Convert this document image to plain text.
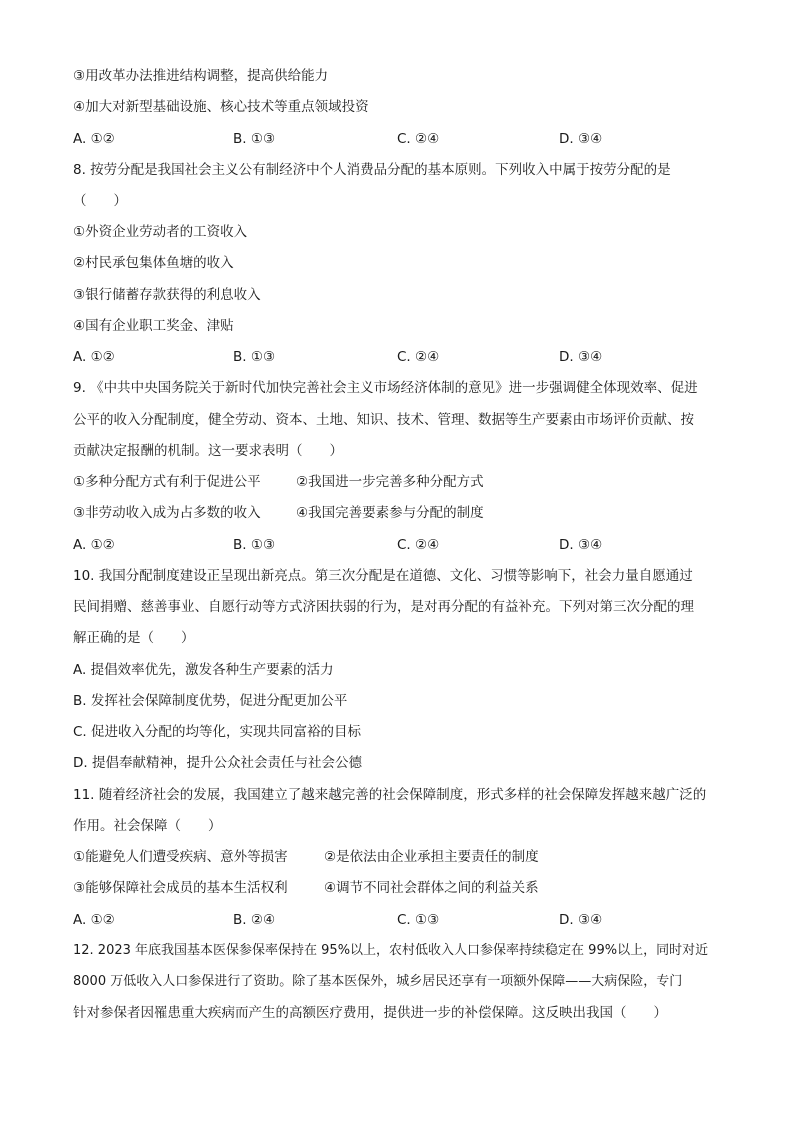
③用改革办法推进结构调整，提高供给能力
④加大对新型基础设施、核心技术等重点领域投资
A. ①②	B. ①③	C. ②④	D. ③④
8. 按劳分配是我国社会主义公有制经济中个人消费品分配的基本原则。下列收入中属于按劳分配的是
（　　）
①外资企业劳动者的工资收入
②村民承包集体鱼塘的收入
③银行储蓄存款获得的利息收入
④国有企业职工奖金、津贴
A. ①②	B. ①③	C. ②④	D. ③④
9. 《中共中央国务院关于新时代加快完善社会主义市场经济体制的意见》进一步强调健全体现效率、促进
公平的收入分配制度，健全劳动、资本、土地、知识、技术、管理、数据等生产要素由市场评价贡献、按
贡献决定报酬的机制。这一要求表明（　　）
①多种分配方式有利于促进公平	②我国进一步完善多种分配方式
③非劳动收入成为占多数的收入	④我国完善要素参与分配的制度
A. ①②	B. ①③	C. ②④	D. ③④
10. 我国分配制度建设正呈现出新亮点。第三次分配是在道德、文化、习惯等影响下，社会力量自愿通过
民间捐赠、慈善事业、自愿行动等方式济困扶弱的行为，是对再分配的有益补充。下列对第三次分配的理
解正确的是（　　）
A. 提倡效率优先，激发各种生产要素的活力
B. 发挥社会保障制度优势，促进分配更加公平
C. 促进收入分配的均等化，实现共同富裕的目标
D. 提倡奉献精神，提升公众社会责任与社会公德
11. 随着经济社会的发展，我国建立了越来越完善的社会保障制度，形式多样的社会保障发挥越来越广泛的
作用。社会保障（　　）
①能避免人们遭受疾病、意外等损害	②是依法由企业承担主要责任的制度
③能够保障社会成员的基本生活权利	④调节不同社会群体之间的利益关系
A. ①②	B. ②④	C. ①③	D. ③④
12. 2023 年底我国基本医保参保率保持在 95%以上，农村低收入人口参保率持续稳定在 99%以上，同时对近
8000 万低收入人口参保进行了资助。除了基本医保外，城乡居民还享有一项额外保障——大病保险，专门
针对参保者因罹患重大疾病而产生的高额医疗费用，提供进一步的补偿保障。这反映出我国（　　）
